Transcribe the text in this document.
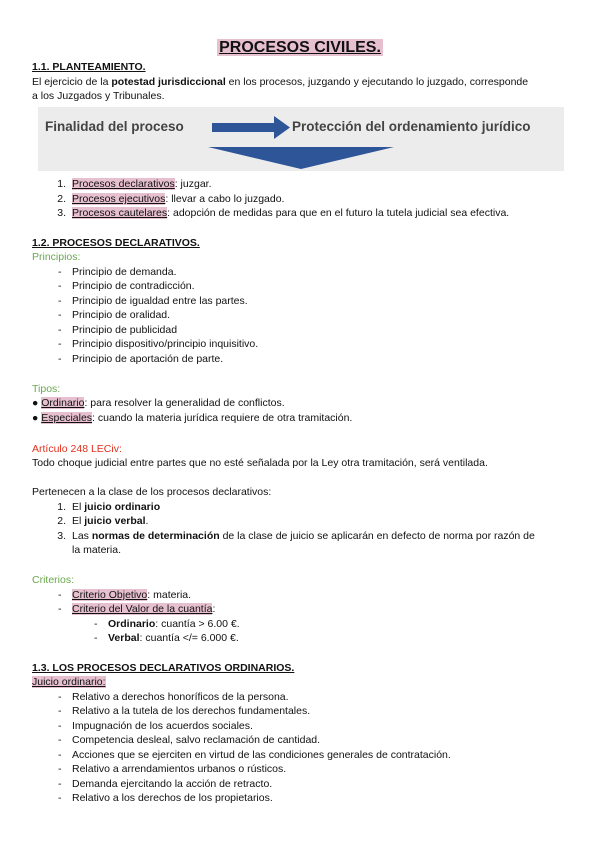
PROCESOS CIVILES.
1.1. PLANTEAMIENTO.
El ejercicio de la potestad jurisdiccional en los procesos, juzgando y ejecutando lo juzgado, corresponde
a los Juzgados y Tribunales.
Finalidad del proceso	Protección del ordenamiento jurídico
1. Procesos declarativos: juzgar.
2. Procesos ejecutivos: llevar a cabo lo juzgado.
3. Procesos cautelares: adopción de medidas para que en el futuro la tutela judicial sea efectiva.
1.2. PROCESOS DECLARATIVOS.
Principios:
- Principio de demanda.
- Principio de contradicción.
- Principio de igualdad entre las partes.
- Principio de oralidad.
- Principio de publicidad
- Principio dispositivo/principio inquisitivo.
- Principio de aportación de parte.
Tipos:
● Ordinario: para resolver la generalidad de conflictos.
● Especiales: cuando la materia jurídica requiere de otra tramitación.
Artículo 248 LECiv:
Todo choque judicial entre partes que no esté señalada por la Ley otra tramitación, será ventilada.
Pertenecen a la clase de los procesos declarativos:
1. El juicio ordinario
2. El juicio verbal.
3. Las normas de determinación de la clase de juicio se aplicarán en defecto de norma por razón de
la materia.
Criterios:
- Criterio Objetivo: materia.
- Criterio del Valor de la cuantía:
- Ordinario: cuantía > 6.00 €.
- Verbal: cuantía </= 6.000 €.
1.3. LOS PROCESOS DECLARATIVOS ORDINARIOS.
Juicio ordinario:
- Relativo a derechos honoríficos de la persona.
- Relativo a la tutela de los derechos fundamentales.
- Impugnación de los acuerdos sociales.
- Competencia desleal, salvo reclamación de cantidad.
- Acciones que se ejerciten en virtud de las condiciones generales de contratación.
- Relativo a arrendamientos urbanos o rústicos.
- Demanda ejercitando la acción de retracto.
- Relativo a los derechos de los propietarios.
